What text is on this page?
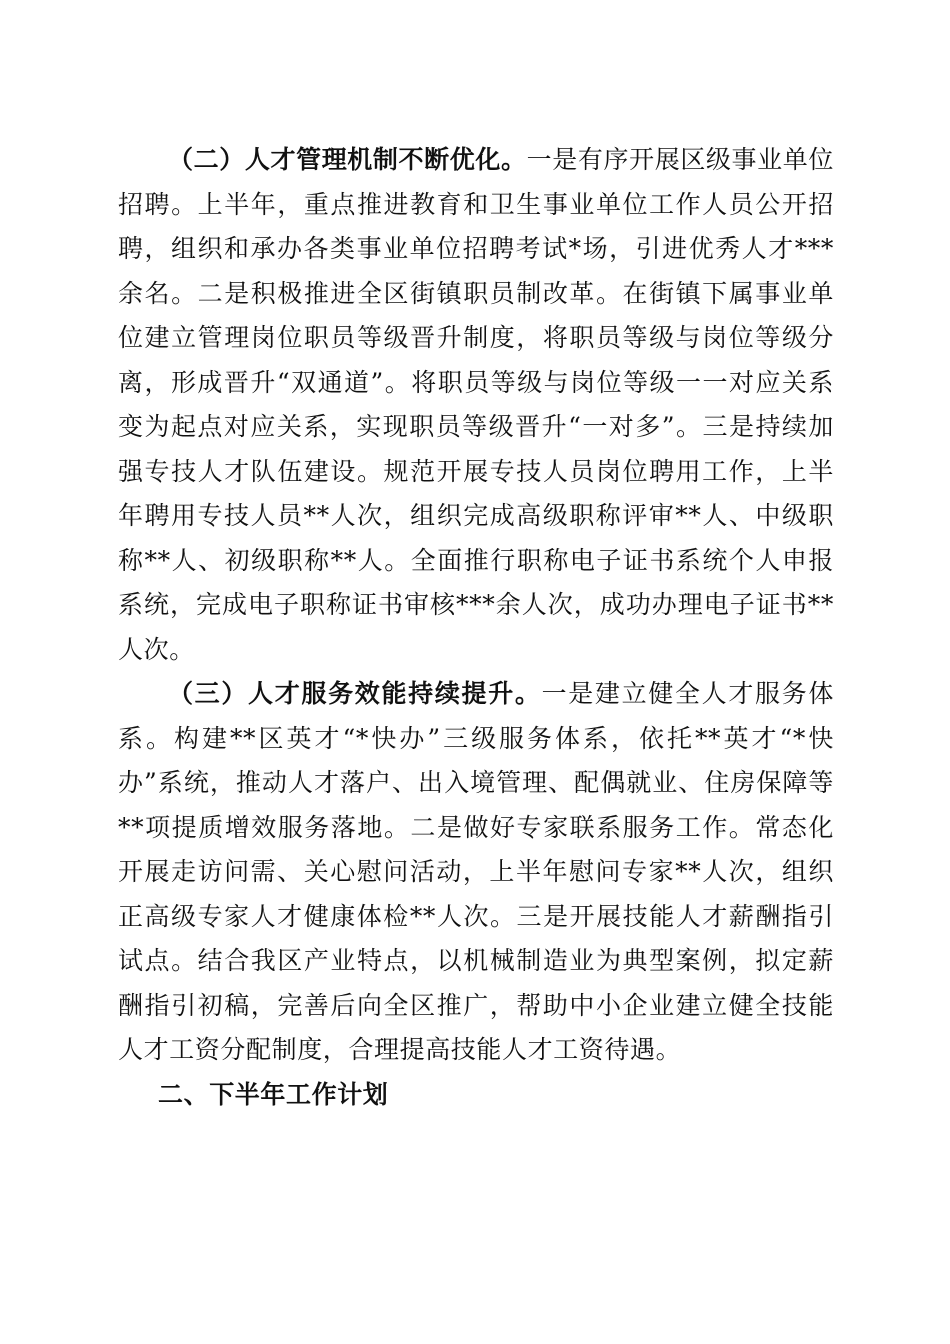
（二）人才管理机制不断优化。一是有序开展区级事业单位招聘。上半年，重点推进教育和卫生事业单位工作人员公开招聘，组织和承办各类事业单位招聘考试*场，引进优秀人才***余名。二是积极推进全区街镇职员制改革。在街镇下属事业单位建立管理岗位职员等级晋升制度，将职员等级与岗位等级分离，形成晋升“双通道”。将职员等级与岗位等级一一对应关系变为起点对应关系，实现职员等级晋升“一对多”。三是持续加强专技人才队伍建设。规范开展专技人员岗位聘用工作，上半年聘用专技人员**人次，组织完成高级职称评审**人、中级职称**人、初级职称**人。全面推行职称电子证书系统个人申报系统，完成电子职称证书审核***余人次，成功办理电子证书**人次。

（三）人才服务效能持续提升。一是建立健全人才服务体系。构建**区英才“*快办”三级服务体系，依托**英才“*快办”系统，推动人才落户、出入境管理、配偶就业、住房保障等**项提质增效服务落地。二是做好专家联系服务工作。常态化开展走访问需、关心慰问活动，上半年慰问专家**人次，组织正高级专家人才健康体检**人次。三是开展技能人才薪酬指引试点。结合我区产业特点，以机械制造业为典型案例，拟定薪酬指引初稿，完善后向全区推广，帮助中小企业建立健全技能人才工资分配制度，合理提高技能人才工资待遇。

二、下半年工作计划
